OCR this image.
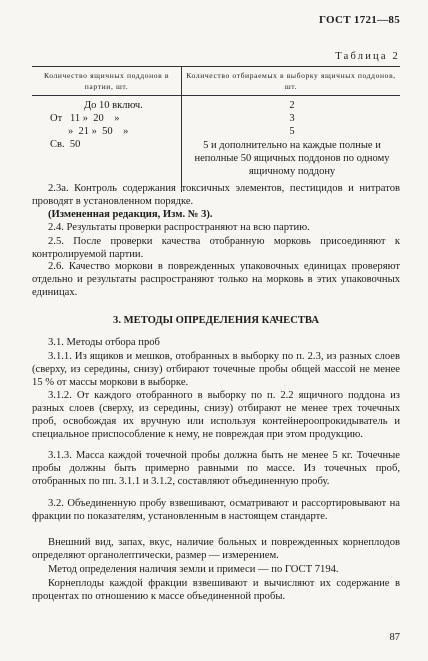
ГОСТ 1721—85
Таблица 2
Количество ящичных поддонов в партии, шт.
Количество отбираемых в выборку ящичных поддонов, шт.
До 10 включ.	2
От   11 »  20    »	3
»  21 »  50    »	5
Св.  50	5 и дополнительно на каждые полные и неполные 50 ящичных поддонов по одному ящичному поддону
2.3а. Контроль содержания токсичных элементов, пестицидов и нитратов проводят в установленном порядке.
(Измененная редакция, Изм. № 3).
2.4. Результаты проверки распространяют на всю партию.
2.5. После проверки качества отобранную морковь присоединяют к контролируемой партии.
2.6. Качество моркови в поврежденных упаковочных единицах проверяют отдельно и результаты распространяют только на морковь в этих упаковочных единицах.
3. МЕТОДЫ ОПРЕДЕЛЕНИЯ КАЧЕСТВА
3.1. Методы отбора проб
3.1.1. Из ящиков и мешков, отобранных в выборку по п. 2.3, из разных слоев (сверху, из середины, снизу) отбирают точечные пробы общей массой не менее 15 % от массы моркови в выборке.
3.1.2. От каждого отобранного в выборку по п. 2.2 ящичного поддона из разных слоев (сверху, из середины, снизу) отбирают не менее трех точечных проб, освобождая их вручную или используя контейнероопрокидыватель и специальное приспособление к нему, не повреждая при этом продукцию.
3.1.3. Масса каждой точечной пробы должна быть не менее 5 кг. Точечные пробы должны быть примерно равными по массе. Из точечных проб, отобранных по пп. 3.1.1 и 3.1.2, составляют объединенную пробу.
3.2. Объединенную пробу взвешивают, осматривают и рассортировывают на фракции по показателям, установленным в настоящем стандарте.
Внешний вид, запах, вкус, наличие больных и поврежденных корнеплодов определяют органолептически, размер — измерением.
Метод определения наличия земли и примеси — по ГОСТ 7194.
Корнеплоды каждой фракции взвешивают и вычисляют их содержание в процентах по отношению к массе объединенной пробы.
87
